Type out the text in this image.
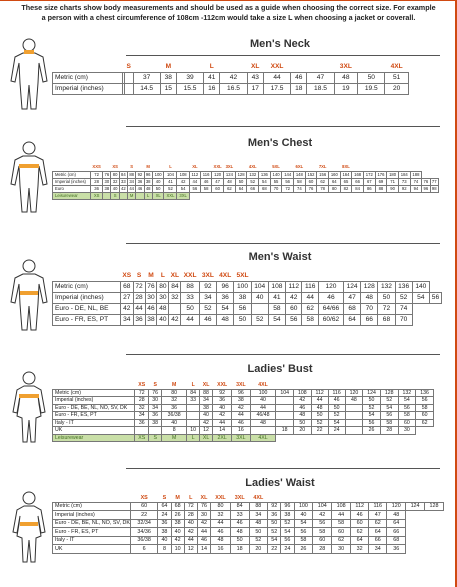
These size charts show body measurements and should be used as a guide when choosing the correct size. For example
a person with a chest circumference of 108cm -112cm would take a size L when choosing a jacket or coverall.
Men's Neck
		S		M		L		XL	XXL			3XL		4XL	
Metric (cm)			37	38	39	41	42	43	44	46	47	48	50	51	
Imperial (inches)			14.5	15	15.5	16	16.5	17	17.5	18	18.5	19	19.5	20	
Men's Chest
	XXS		XS		S		M		L		XL		XXL	3XL		4XL		5XL		6XL		7XL		8XL								
Metric (cm)	72	76	80	84	88	92	96	100	104	108	112	116	120	124	128	132	136	140	144	148	152	156	160	164	168	172	176	180	184	188		
Imperial (inches)	28	30	32	33	34	36	38	40	41	42	44	46	47	48	50	52	54	55	56	58	60	62	64	65	66	67	69	71	73	74	76	77
Euro	36	38	40	42	44	46	48	50	52	54	56	58	60	62	64	66	68	70	72	74	76	78	80	82	84	86	88	90	92	94	96	98
Leisurewear	XS		S		M		L	XL	XXL	3XL																						
Men's Waist
	XS	S	M	L	XL	XXL	3XL	4XL	5XL											
Metric (cm)	68	72	76	80	84	88	92	96	100	104	108	112	116	120	124	128	132	136	140	
Imperial (inches)	27	28	30	30	32	33	34	36	38	40	41	42	44	46	47	48	50	52	54	56
Euro - DE, NL, BE	42	44	46	48		50	52	54	56		58	60	62	64/66	68	70	72	74		
Euro - FR, ES, PT	34	36	38	40	42	44	46	48	50	52	54	56	58	60/62	64	66	68	70		
Ladies' Bust
	XS	S	M	L	XL	XXL	3XL	4XL									
Metric (cm)	72	76	80	84	88	92	96	100	104	108	112	116	120	124	128	132	136
Imperial (inches)	28	30	32	33	34	36	38	40		42	44	46	48	50	52	54	56
Euro - DE, BE, NL, NO, SV, DK	32	34	36		38	40	42	44		46	48	50		52	54	56	58
Euro - FR, ES, PT	34	36	36/38		40	42	44	46/48		48	50	52		54	56	58	60
Italy - IT	36	38	40		42	44	46	48		50	52	54		56	58	60	62
UK			8	10	12	14	16		18	20	22	24		26	28	30	
Leisurewear	XS	S	M	L	XL	2XL	3XL	4XL									
Ladies' Waist
	XS	S	M	L	XL	XXL	3XL	4XL										
Metric (cm)	60	64	68	72	76	80	84	88	92	96	100	104	108	112	116	120	124	128
Imperial (inches)	22	24	26	28	30	32	33	34	36	38	40	42	44	46	47	48		
Euro - DE, BE, NL, NO, SV, DK	32/34	36	38	40	42	44	46	48	50	52	54	56	58	60	62	64		
Euro - FR, ES, PT	34/36	38	40	42	44	46	48	50	52	54	56	58	60	62	64	66		
Italy - IT	36/38	40	42	44	46	48	50	52	54	56	58	60	62	64	66	68		
UK	6	8	10	12	14	16	18	20	22	24	26	28	30	32	34	36		
